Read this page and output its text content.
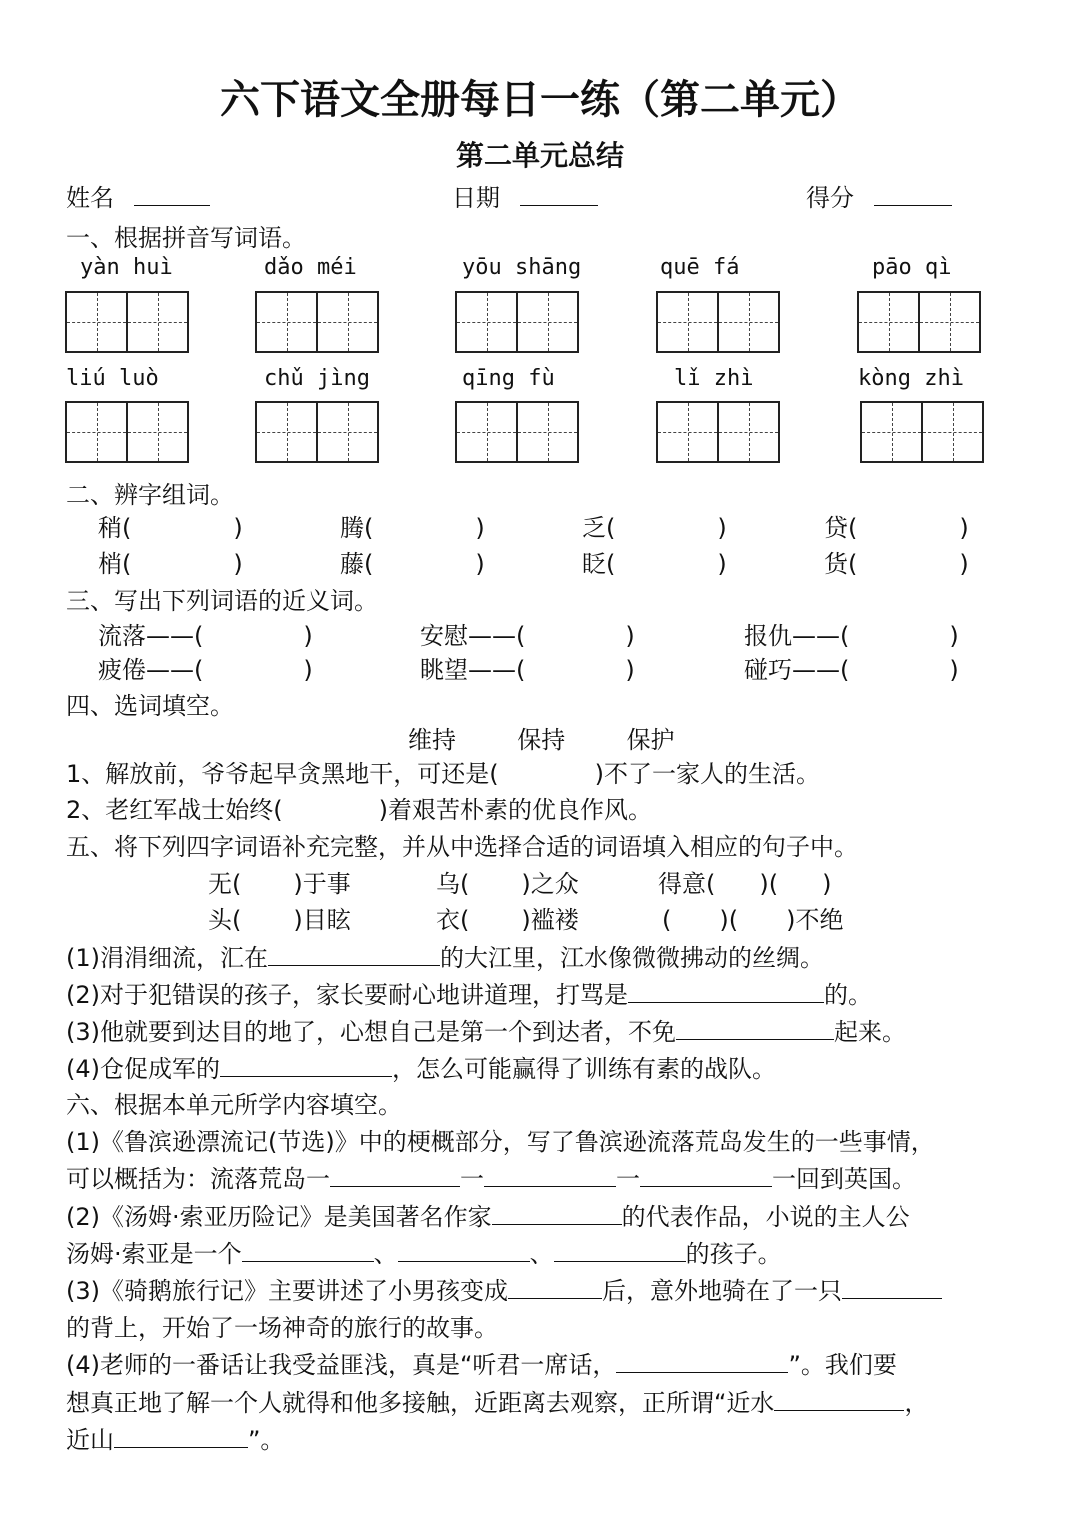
六下语文全册每日一练（第二单元）
第二单元总结
姓名	日期	得分
一、根据拼音写词语。
yàn huì	dǎo méi	yōu shāng	quē fá	pāo qì
liú luò	chǔ jìng	qīng fù	lǐ zhì	kòng zhì
二、辨字组词。
稍(	)	腾(	)	乏(	)	贷(	)
梢(	)	藤(	)	眨(	)	货(	)
三、写出下列词语的近义词。
流落——(	)	安慰——(	)	报仇——(	)
疲倦——(	)	眺望——(	)	碰巧——(	)
四、选词填空。
维持	保持	保护
1、解放前，爷爷起早贪黑地干，可还是(	)不了一家人的生活。
2、老红军战士始终(	)着艰苦朴素的优良作风。
五、将下列四字词语补充完整，并从中选择合适的词语填入相应的句子中。
无( )于事	乌( )之众	得意( )( )
头( )目眩	衣( )褴褛	( )( )不绝
(1)涓涓细流，汇在	的大江里，江水像微微拂动的丝绸。
(2)对于犯错误的孩子，家长要耐心地讲道理，打骂是	的。
(3)他就要到达目的地了，心想自己是第一个到达者，不免	起来。
(4)仓促成军的	，怎么可能赢得了训练有素的战队。
六、根据本单元所学内容填空。
(1)《鲁滨逊漂流记(节选)》中的梗概部分，写了鲁滨逊流落荒岛发生的一些事情，
可以概括为：流落荒岛一	一	一	一回到英国。
(2)《汤姆·索亚历险记》是美国著名作家	的代表作品，小说的主人公
汤姆·索亚是一个	、	、	的孩子。
(3)《骑鹅旅行记》主要讲述了小男孩变成	后，意外地骑在了一只
的背上，开始了一场神奇的旅行的故事。
(4)老师的一番话让我受益匪浅，真是“听君一席话，	”。我们要
想真正地了解一个人就得和他多接触，近距离去观察，正所谓“近水	，
近山	”。
